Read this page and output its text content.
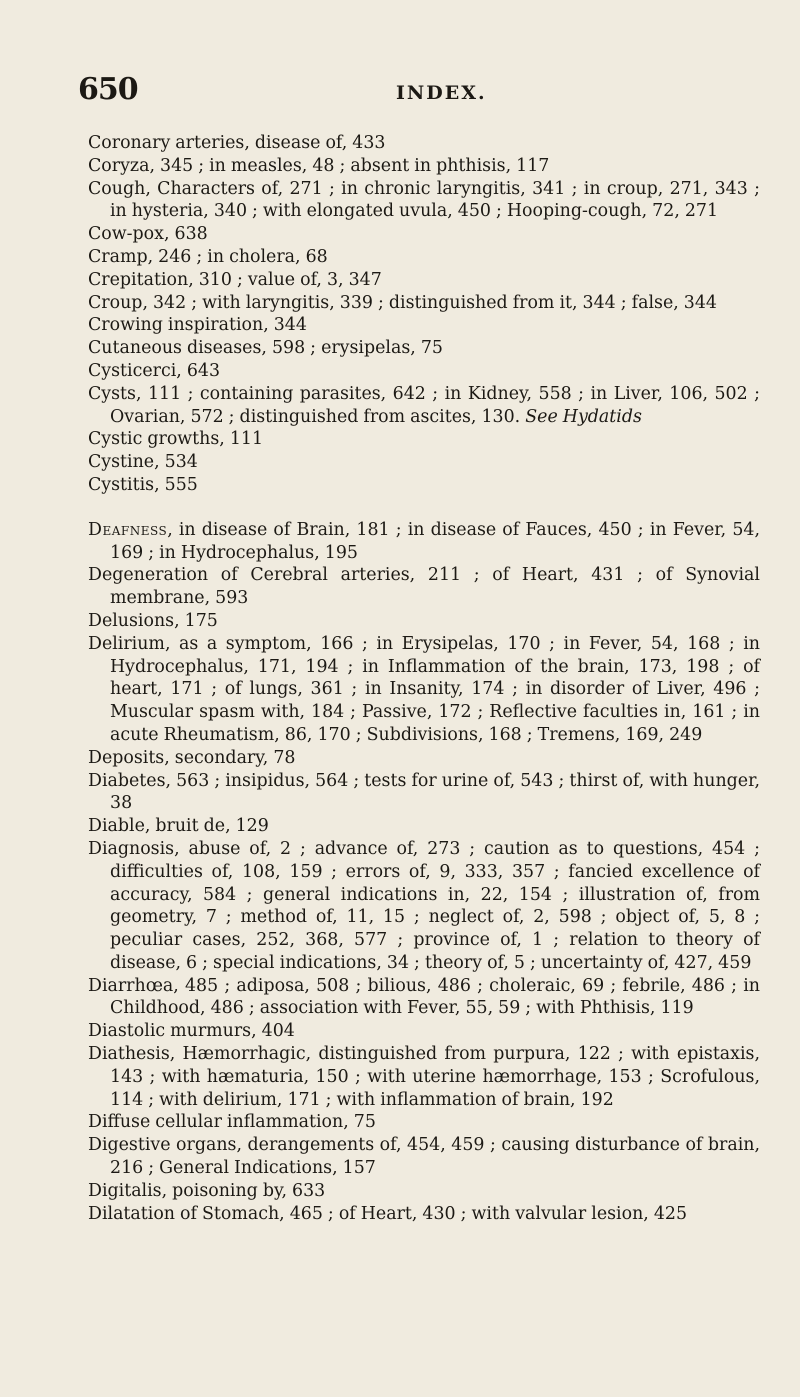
650	INDEX.

Coronary arteries, disease of, 433

Coryza, 345 ; in measles, 48 ; absent in phthisis, 117

Cough, Characters of, 271 ; in chronic laryngitis, 341 ; in croup, 271, 343 ; in hysteria, 340 ; with elongated uvula, 450 ; Hooping-cough, 72, 271

Cow-pox, 638

Cramp, 246 ; in cholera, 68

Crepitation, 310 ; value of, 3, 347

Croup, 342 ; with laryngitis, 339 ; distinguished from it, 344 ; false, 344

Crowing inspiration, 344

Cutaneous diseases, 598 ; erysipelas, 75

Cysticerci, 643

Cysts, 111 ; containing parasites, 642 ; in Kidney, 558 ; in Liver, 106, 502 ; Ovarian, 572 ; distinguished from ascites, 130. See Hydatids

Cystic growths, 111

Cystine, 534

Cystitis, 555

Deafness, in disease of Brain, 181 ; in disease of Fauces, 450 ; in Fever, 54, 169 ; in Hydrocephalus, 195

Degeneration of Cerebral arteries, 211 ; of Heart, 431 ; of Synovial membrane, 593

Delusions, 175

Delirium, as a symptom, 166 ; in Erysipelas, 170 ; in Fever, 54, 168 ; in Hydrocephalus, 171, 194 ; in Inflammation of the brain, 173, 198 ; of heart, 171 ; of lungs, 361 ; in Insanity, 174 ; in disorder of Liver, 496 ; Muscular spasm with, 184 ; Passive, 172 ; Reflective faculties in, 161 ; in acute Rheumatism, 86, 170 ; Subdivisions, 168 ; Tremens, 169, 249

Deposits, secondary, 78

Diabetes, 563 ; insipidus, 564 ; tests for urine of, 543 ; thirst of, with hunger, 38

Diable, bruit de, 129

Diagnosis, abuse of, 2 ; advance of, 273 ; caution as to questions, 454 ; difficulties of, 108, 159 ; errors of, 9, 333, 357 ; fancied excellence of accuracy, 584 ; general indications in, 22, 154 ; illustration of, from geometry, 7 ; method of, 11, 15 ; neglect of, 2, 598 ; object of, 5, 8 ; peculiar cases, 252, 368, 577 ; province of, 1 ; relation to theory of disease, 6 ; special indications, 34 ; theory of, 5 ; uncertainty of, 427, 459

Diarrhœa, 485 ; adiposa, 508 ; bilious, 486 ; choleraic, 69 ; febrile, 486 ; in Childhood, 486 ; association with Fever, 55, 59 ; with Phthisis, 119

Diastolic murmurs, 404

Diathesis, Hæmorrhagic, distinguished from purpura, 122 ; with epistaxis, 143 ; with hæmaturia, 150 ; with uterine hæmorrhage, 153 ; Scrofulous, 114 ; with delirium, 171 ; with inflammation of brain, 192

Diffuse cellular inflammation, 75

Digestive organs, derangements of, 454, 459 ; causing disturbance of brain, 216 ; General Indications, 157

Digitalis, poisoning by, 633

Dilatation of Stomach, 465 ; of Heart, 430 ; with valvular lesion, 425
